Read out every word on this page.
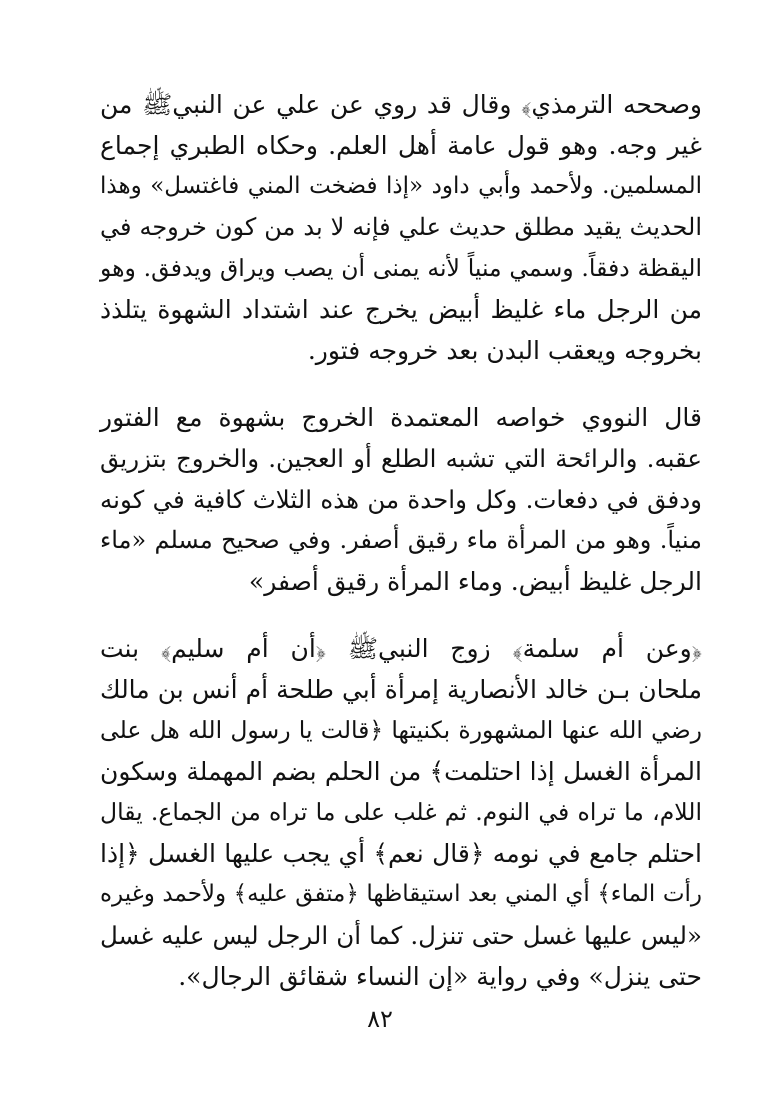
وصححه الترمذي﴾ وقال قد روي عن علي عن النبيﷺ من
غير وجه. وهو قول عامة أهل العلم. وحكاه الطبري إجماع
المسلمين. ولأحمد وأبي داود «إذا فضخت المني فاغتسل» وهذا
الحديث يقيد مطلق حديث علي فإنه لا بد من كون خروجه في
اليقظة دفقاً. وسمي منياً لأنه يمنى أن يصب ويراق ويدفق. وهو
من الرجل ماء غليظ أبيض يخرج عند اشتداد الشهوة يتلذذ
بخروجه ويعقب البدن بعد خروجه فتور.

قال النووي خواصه المعتمدة الخروج بشهوة مع الفتور
عقبه. والرائحة التي تشبه الطلع أو العجين. والخروج بتزريق
ودفق في دفعات. وكل واحدة من هذه الثلاث كافية في كونه
منياً. وهو من المرأة ماء رقيق أصفر. وفي صحيح مسلم «ماء
الرجل غليظ أبيض. وماء المرأة رقيق أصفر»

﴿وعن أم سلمة﴾ زوج النبيﷺ ﴿أن أم سليم﴾ بنت
ملحان بـن خالد الأنصارية إمرأة أبي طلحة أم أنس بن مالك
رضي الله عنها المشهورة بكنيتها ﴿قالت يا رسول الله هل على
المرأة الغسل إذا احتلمت﴾ من الحلم بضم المهملة وسكون
اللام، ما تراه في النوم. ثم غلب على ما تراه من الجماع. يقال
احتلم جامع في نومه ﴿قال نعم﴾ أي يجب عليها الغسل ﴿إذا
رأت الماء﴾ أي المني بعد استيقاظها ﴿متفق عليه﴾ ولأحمد وغيره
«ليس عليها غسل حتى تنزل. كما أن الرجل ليس عليه غسل
حتى ينزل» وفي رواية «إن النساء شقائق الرجال».

٨٢
